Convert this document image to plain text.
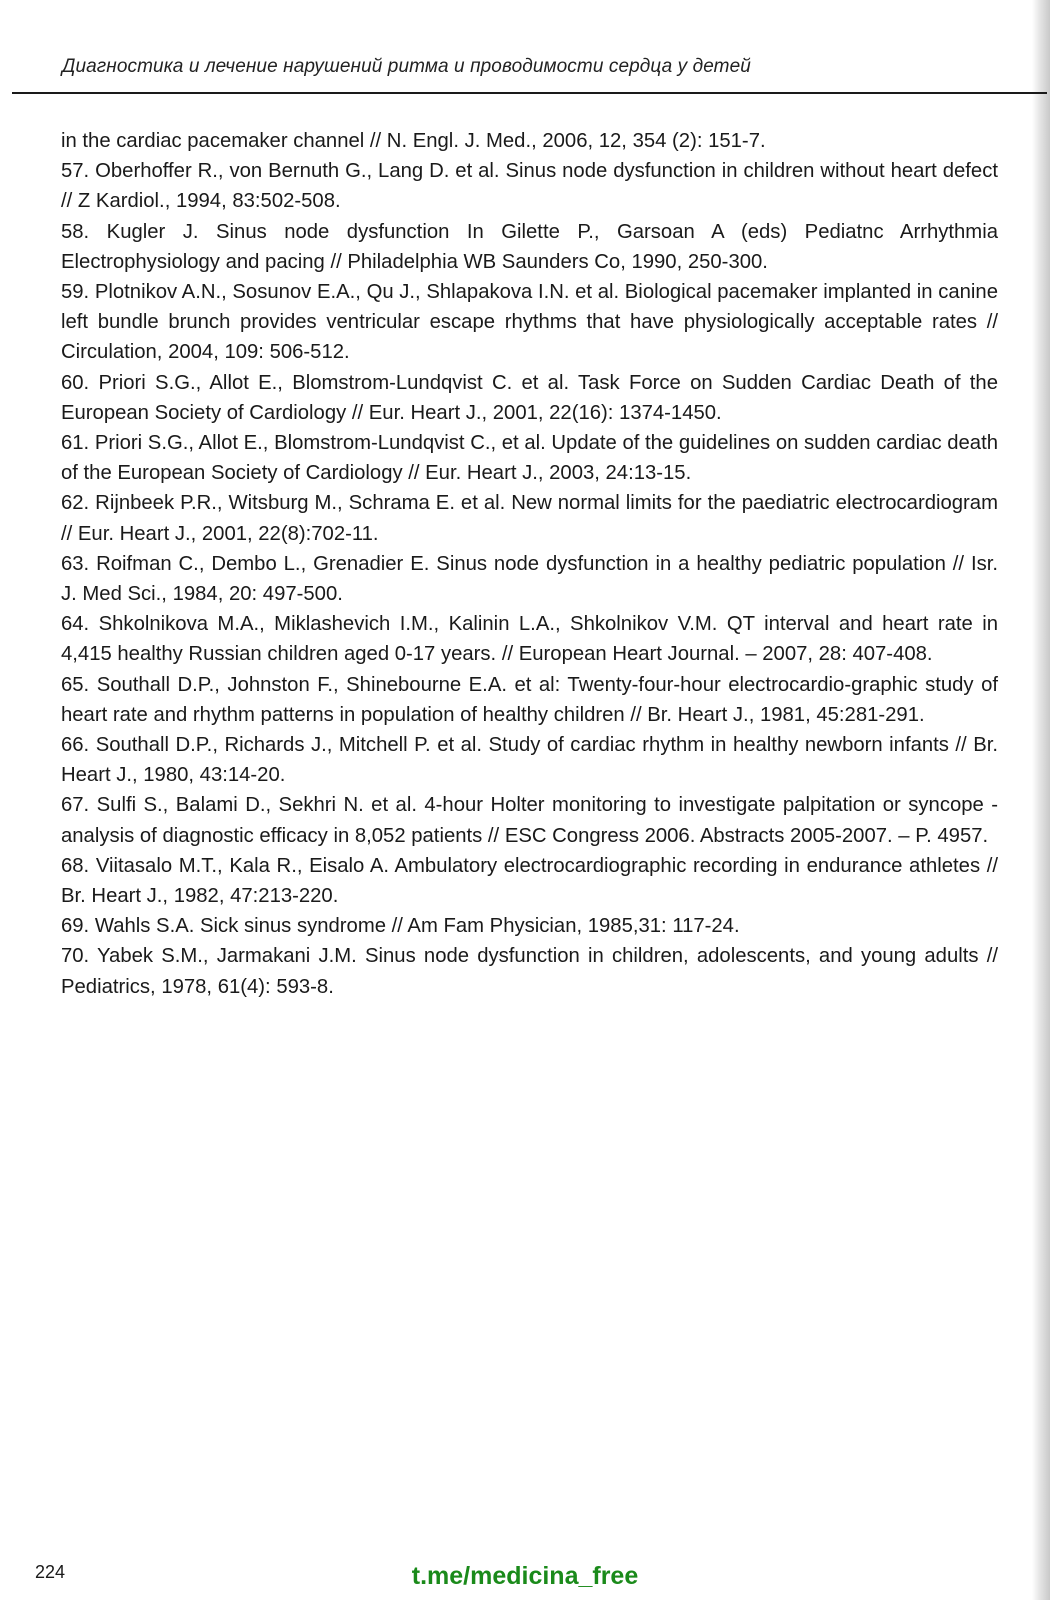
Диагностика и лечение нарушений ритма и проводимости сердца у детей

in the cardiac pacemaker channel // N. Engl. J. Med., 2006, 12, 354 (2): 151-7.

57. Oberhoffer R., von Bernuth G., Lang D. et al. Sinus node dysfunction in children without heart defect // Z Kardiol., 1994, 83:502-508.

58. Kugler J. Sinus node dysfunction In Gilette P., Garsoan A (eds) Pediatnc Arrhythmia Electrophysiology and pacing // Philadelphia WB Saunders Co, 1990, 250-300.

59. Plotnikov A.N., Sosunov E.A., Qu J., Shlapakova I.N. et al. Biological pacemaker implanted in canine left bundle brunch provides ventricular escape rhythms that have physiologically acceptable rates // Circulation, 2004, 109: 506-512.

60. Priori S.G., Allot E., Blomstrom-Lundqvist C. et al. Task Force on Sudden Cardiac Death of the European Society of Cardiology // Eur. Heart J., 2001, 22(16): 1374-1450.

61. Priori S.G., Allot E., Blomstrom-Lundqvist C., et al. Update of the guidelines on sudden cardiac death of the European Society of Cardiology // Eur. Heart J., 2003, 24:13-15.

62. Rijnbeek P.R., Witsburg M., Schrama E. et al. New normal limits for the paediatric electrocardiogram // Eur. Heart J., 2001, 22(8):702-11.

63. Roifman C., Dembo L., Grenadier E. Sinus node dysfunction in a healthy pediatric population // Isr. J. Med Sci., 1984, 20: 497-500.

64. Shkolnikova M.A., Miklashevich I.M., Kalinin L.A., Shkolnikov V.M. QT interval and heart rate in 4,415 healthy Russian children aged 0-17 years. // European Heart Journal. – 2007, 28: 407-408.

65. Southall D.P., Johnston F., Shinebourne E.A. et al: Twenty-four-hour electrocardio-graphic study of heart rate and rhythm patterns in population of healthy children // Br. Heart J., 1981, 45:281-291.

66. Southall D.P., Richards J., Mitchell P. et al. Study of cardiac rhythm in healthy newborn infants // Br. Heart J., 1980, 43:14-20.

67. Sulfi S., Balami D., Sekhri N. et al. 4-hour Holter monitoring to investigate palpitation or syncope - analysis of diagnostic efficacy in 8,052 patients // ESC Congress 2006. Abstracts 2005-2007. – P. 4957.

68. Viitasalo M.T., Kala R., Eisalo A. Ambulatory electrocardiographic recording in endurance athletes // Br. Heart J., 1982, 47:213-220.

69. Wahls S.A. Sick sinus syndrome // Am Fam Physician, 1985,31: 117-24.

70. Yabek S.M., Jarmakani J.M. Sinus node dysfunction in children, adolescents, and young adults // Pediatrics, 1978, 61(4): 593-8.

224	t.me/medicina_free
